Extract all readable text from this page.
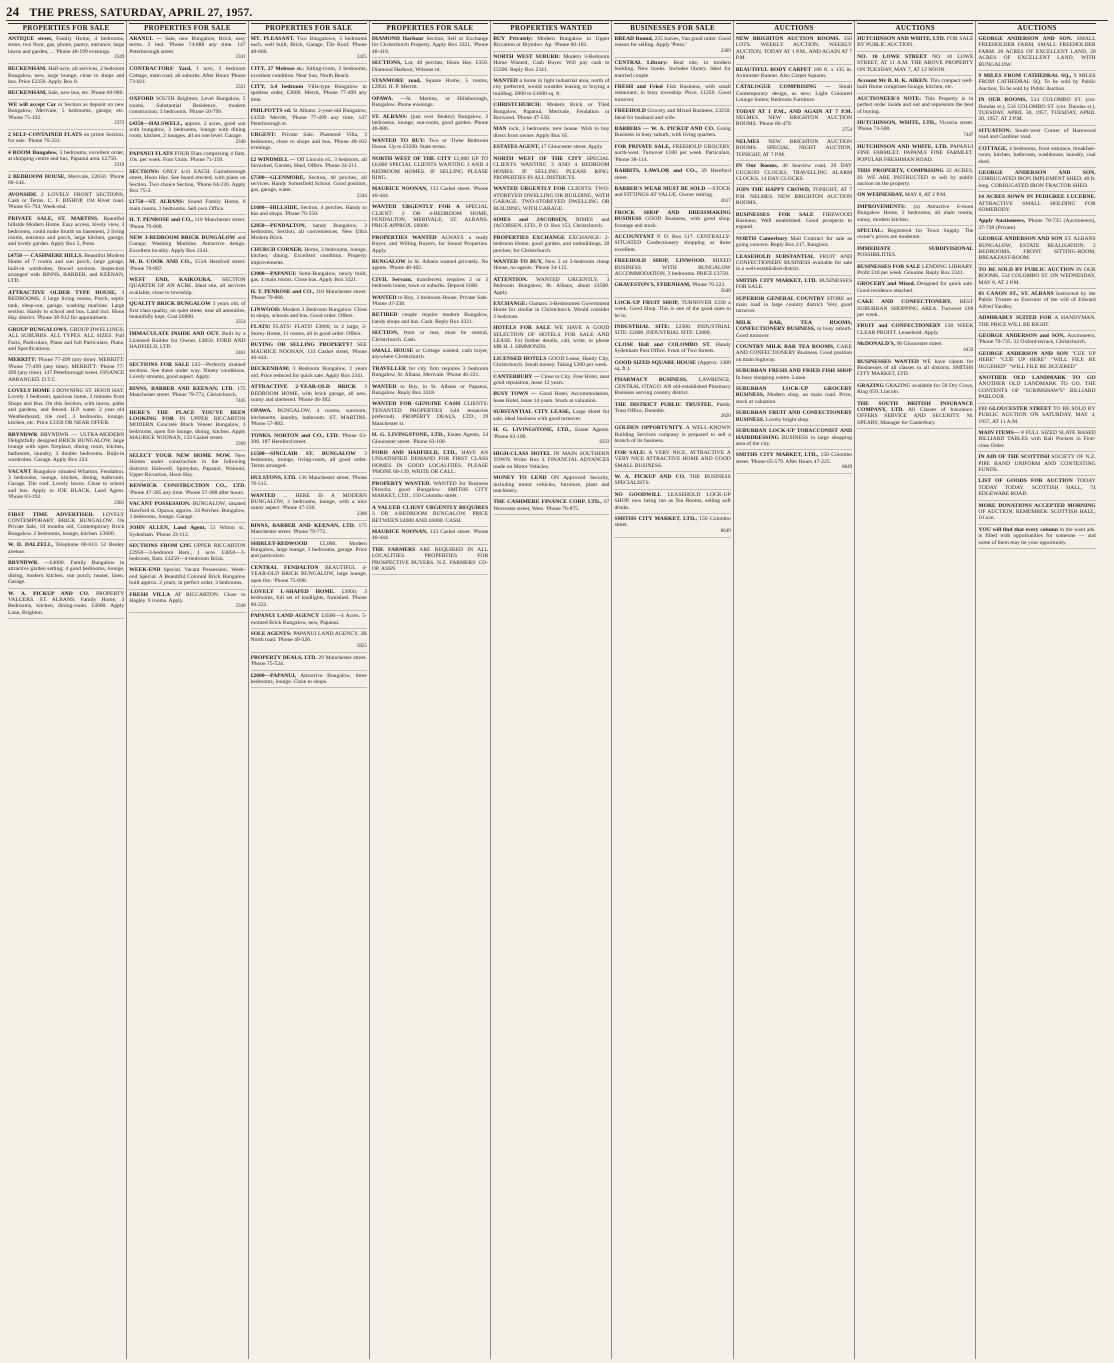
24 THE PRESS, SATURDAY, APRIL 27, 1957.
PROPERTIES FOR SALE
ANTIQUE street, Family Home, 4 bedrooms, stone, two floor, gas, phone, pantry, entrance; large lawns and garden, ... 'Phone 48-199 evenings.
2349
BECKENHAM. Half-acre, all services, 2 bedroom Bungalow, new, large lounge, close to shops and bus. Price £2350. Apply Box 8.
BECKENHAM, Sale, new bus, etc. Phone 60-986.
WE will accept Car or Section as deposit on new Bungalow, Merivale, 5 bedrooms, garage, etc. 'Phone 75-192.
2372
2 SELF-CONTAINED FLATS on prime Section, for sale. 'Phone 76-231.
4 ROOM Bungalow, 3 bedrooms, excellent order, at shopping centre and bus, Papanui area. £2750.
2319
2 BEDROOM HOUSE, Merivale, £2650. 'Phone 60-144.
AVONSIDE 2 LOVELY FRONT SECTIONS, Cash or Terms. C. F. BISHOP, 194 River road. 'Phone 65-794, Week-end.
PRIVATE SALE, ST. MARTINS. Beautiful hillside Modern Home. Easy access, lovely view, 3 bedrooms, could make fourth on basement, 2 living rooms, entrance and porch, large kitchen, garage, and lovely garden. Apply Box 5, Press.
£4750 — CASHMERE HILLS. Beautiful Modern Home of 7 rooms and sun porch, large garage, built-in wardrobes, fenced sections. Inspection arranged with BINNS, BARBER, and KEENAN, LTD.
ATTRACTIVE OLDER TYPE HOUSE, 3 BEDROOMS, 2 large living rooms, Porch, septic tank, sleep-out, garage, washing machine. Large section. Handy to school and bus. Land incl. Hoon Hay district. 'Phone 38-912 for appointment.
GROUP BUNGALOWS. GROUP DWELLINGS. ALL SUBURBS. ALL TYPES. ALL SIZES. Full Facts, Particulars, Plans and full Particulars, Plans, and Specifications.
MERRITT: 'Phone 77-499 (any time). MERRITT: 'Phone 77-499 (any time). MERRITT: 'Phone 77-499 (any time). 147 Peterborough street. FINANCE ARRANGED. D.T.C.
LOVELY HOME 3 DOWNING ST. HOON HAY. Lovely 3 bedroom, spacious home, 2 minutes from Shops and Bus. On this Section, with lawns, paths and gardens, and fenced. H.P. water. 2 year old Weatherboard, tile roof, 3 bedrooms, lounge, kitchen, etc. Price £3350 OR NEAR OFFER.
BRYNDWR BRYNDWR — ULTRA-MODERN Delightfully designed BRICK BUNGALOW, large lounge with open fireplace, dining room, kitchen, bathroom, laundry, 3 double bedrooms. Built-in wardrobes. Garage. Apply Box 224.
VACANT Bungalow situated Wharton, Fendalton. 3 bedrooms, lounge, kitchen, dining, bathroom. Garage. Tile roof. Lovely lawns. Close to school and bus. Apply to JOE BLACK, Land Agent. 'Phone 63-192.
2381
FIRST TIME ADVERTISED. LOVELY CONTEMPORARY BRICK BUNGALOW. On Private Sale, 18 months old, Contemporary Brick Bungalow. 2 bedrooms, lounge, kitchen. £3600.
W. D. DALZELL, Telephone 60-613. 52 Bealey avenue.
BRYNDWR. —£4000. Family Bungalow in attractive garden setting; 4 good bedrooms, lounge, dining, modern kitchen, sun porch, heater, linen. Garage.
W. A. PICKUP AND CO. PROPERTY VALUERS. ST. ALBANS: Family Home, 3 Bedrooms, kitchen, dining-room. £4000. Apply Lane, Brighton.
PROPERTIES FOR SALE
ARANUI. — Sale, new Bungalow, Brick, easy terms. 2 bed. 'Phone 74-888 any time. 147 Peterborough street.
2341
CONTRACTORS' Yard, 1 acre, 3 bedroom Cottage, main road, all suburbs. After Hours 'Phone 73-021.
2321
OXFORD SOUTH Brighton: Level Bungalow, 5 rooms, Substantial Residence, modern construction, 3 bedrooms. 'Phone 50-799.
£4350—HALSWELL, approx. 2 acres, good sun with bungalow, 3 bedrooms, lounge with dining room, kitchen, 2 lounges, all on one level. Garage.
2340
PAPANUI FLATS FOUR Flats comprising 4 flats, 10s. per week. Four Units. 'Phone 71-258.
SECTIONS: ONLY 4/41 EACH. Gainsborough street, Hoon Hay. See board erected, with plans on Section. Two choice Section, 'Phone 64-226. Apply Box 75-2.
£1750—ST. ALBANS: Sound Family Home, 6 main rooms, 3 bedrooms. Sell own Office.
H. T. PENROSE and CO., 110 Manchester street. 'Phone 79-068.
NEW 3-BEDROOM BRICK BUNGALOW and Garage. Washing Machine. Attractive design. Excellent locality. Apply Box 2341.
M. B. COOK AND CO., 153A Hereford street. 'Phone 78-887.
WEST END, KAIKOURA. SECTION QUARTER OF AN ACRE. Ideal site, all services available, close to township.
QUALITY BRICK BUNGALOW 3 years old, of first class quality, on quiet street, near all amenities, beautifully kept. Cost £6000.
2354
IMMACULATE INSIDE AND OUT. Built by a Licensed Builder for Owner. £4850. FORD AND HADFIELD, LTD.
2461
SECTIONS FOR SALE £45—Perfectly drained sections. See these under way. Ninety conditions. Lovely streams, good aspect. Apply.
BINNS, BARBER AND KEENAN, LTD. 175 Manchester street. 'Phone 79-772, Christchurch.
7445
HERE'S THE PLACE YOU'VE BEEN LOOKING FOR IN UPPER RICCARTON MODERN Concrete Block Veneer Bungalow, 3 bedrooms, open fire lounge, dining, kitchen. Apply MAURICE NOONAN, 133 Cashel street.
2369
SELECT YOUR NEW HOME NOW. New Homes under construction in the following districts: Halswell, Spreydon, Papanui, Wainoni, Upper Riccarton, Hoon Hay.
RENWICK CONSTRUCTION CO., LTD. 'Phone 47-385 any time. 'Phone 57-308 after hours.
VACANT POSSESSION. BUNGALOW, situated Hawford st. Opawa, approx. 24 Perches. Bungalow, 3 bedrooms, lounge. Garage.
JOHN ALLEN, Land Agent, 51 Witton st., Sydenham. 'Phone 33-112.
SECTIONS FROM £395 UPPER RICCARTON £2950—3-bedroom Rem., 1 acre. £3850—3-bedroom, Ilam. £4250—4-bedroom Brick.
WEEK-END Special. Vacant Possession. Week-end Special. A Beautiful Colonial Brick Bungalow built approx. 2 years, in perfect order, 3 bedrooms.
FRESH VILLA AT RICCARTON. Close to Hagley. 8 rooms. Apply.
2340
PROPERTIES FOR SALE
MT. PLEASANT. Two Bungalows, 3 bedrooms each, well built, Brick, Garage, Tile Roof. 'Phone 48-666.
2425
CITY, 27 Melrose st.: Sitting-room, 2 bedrooms, excellent condition. Near Sun, North Beach.
CITY, 3.4 bedroom Villa-type Bungalow in spotless order, £3600. Merrit, 'Phone 77-499 any time.
PHILPOTTS rd. St Albans: 2-year-old Bungalow, £4350. Merritt, 'Phone 77-499 any time, 147 Peterborough st.
URGENT: Private Sale. Plastered Villa, 3 bedrooms, close to shops and bus. 'Phone 48-102 evenings.
£2 WINDMILL — Off Lincoln rd., 3 bedroom, all furnished, Garden, Shed, Offers. 'Phone 34-211.
£7500—GLENMORE, Section, 40 perches, all services. Handy Somerfield School. Good position, gas, garage, water.
2344
£1600—HILLSIDE, Section, 4 perches. Handy to bus and shops. 'Phone 76-550.
£2850—PENDALTON, handy Bungalow, 3 bedrooms, Section, all conveniences. New Ultra Modern Brick.
CHURCH CORNER. Home, 3 bedrooms, lounge, kitchen, dining. Excellent condition. Property improvements.
£3000—PAPANUI: Semi-Bungalow, newly built, gas, 4 main rooms. Close bus. Apply Box 3321.
H. T. PENROSE and CO., 110 Manchester street. 'Phone 79-068.
LINWOOD: Modern 3 Bedroom Bungalow. Close to shops, schools and bus. Good order. Offers.
FLATS! FLATS! FLATS! £3800, in 2 large, 2-Storey Home, 11 rooms, all in good order. Offers.
BUYING OR SELLING PROPERTY? SEE MAURICE NOONAN, 133 Cashel street, 'Phone 40-444.
BECKENHAM: 3 Bedroom Bungalow, 2 years old. Price reduced for quick sale. Apply Box 2341.
ATTRACTIVE 2-YEAR-OLD BRICK 3 BEDROOM HOME, with brick garage, all new, sunny and sheltered. 'Phone 46-392.
OPAWA. BUNGALOW, 4 rooms, sunroom, kitchenette, laundry, bathroom. ST. MARTINS. 'Phone 57-882.
TONKS, NORTON and CO., LTD. 'Phone 63-300. 187 Hereford street.
£1500—SINCLAIR ST. BUNGALOW 3 bedrooms, lounge, living-room, all good order. Terms arranged.
HULSTONS, LTD. 136 Manchester street. 'Phone 76-515.
WANTED ... HERE IS A MODERN BUNGALOW, 3 bedrooms, lounge, with a nice sunny aspect. 'Phone 47-230.
2368
BINNS, BARBER AND KEENAN, LTD. 175 Manchester street. 'Phone 79-772.
SHIRLEY-REDWOOD £5,000. Modern Bungalow, large lounge, 3 bedrooms, garage. Price and particulars.
CENTRAL FENDALTON BEAUTIFUL 4-YEAR-OLD BRICK BUNGALOW, large lounge, open fire. 'Phone 75-098.
LOVELY L-SHAPED HOME. £3000, 3 bedrooms, full set of leadlights, furnished. 'Phone 60-222.
PAPANUI LAND AGENCY £4500—4 Acres. 5-roomed Brick Bungalow, new, Papanui.
SOLE AGENTS: PAPANUI LAND AGENCY, 2B North road. 'Phone 48-326.
5825
PROPERTY DEALS, LTD. 29 Manchester street. 'Phone 75-524.
£2600—PAPANUI, Attractive Bungalow, three bedrooms, lounge. Close to shops.
PROPERTIES FOR SALE
DIAMOND Harbour Section, Sell or Exchange for Christchurch Property. Apply Box 3321, 'Phone 48-418.
SECTIONS, Lot, 40 perches, Hoon Hay. £350. Diamond Harbour, Wilsons rd.
STANMORE road, Square Home, 5 rooms, £2950. H. P. Merritt.
OPAWA. —St. Martins, or Hillsborough, Bungalow. Phone evenings.
ST. ALBANS: (just over Bealey) Bungalow, 3 bedrooms, lounge, sun-room, good garden. Phone 46-886.
WANTED TO BUY: Two or Three Bedroom House. Up to £3500. State terms.
NORTH WEST OF THE CITY £1,000 UP TO £6,000 SPECIAL CLIENTS WANTING 3 AND 4 BEDROOM HOMES. IF SELLING PLEASE RING.
MAURICE NOONAN, 133 Cashel street. 'Phone 40-444.
WANTED URGENTLY FOR A SPECIAL CLIENT: 3 OR 4-BEDROOM HOME, FENDALTON, MERIVALE, ST. ALBANS. PRICE APPROX. £6000.
PROPERTIES WANTED ALWAYS a ready Buyer, and Willing Buyers, for Sound Properties. Apply.
BUNGALOW in St. Albans wanted privately. No agents. 'Phone 48-402.
CIVIL Servant, transferred, requires 2 or 3 bedroom home, town or suburbs. Deposit £600.
WANTED to Buy, 3 bedroom House, Private Sale. 'Phone 47-230.
RETIRED couple require modern Bungalow, handy shops and bus. Cash. Reply Box 4321.
SECTION, front or rear, must be central, Christchurch. Cash.
SMALL HOUSE or Cottage wanted, cash buyer, anywhere Christchurch.
TRAVELLER for city firm requires 3 bedroom Bungalow, St. Albans, Merivale. 'Phone 46-221.
WANTED to Buy, in St. Albans or Papanui, Bungalow. Reply Box 3318.
WANTED FOR GENUINE CASH CLIENTS: TENANTED PROPERTIES (old tenancies preferred). PROPERTY DEALS, LTD., 29 Manchester st.
H. G. LIVINGSTONE, LTD., Estate Agents, 54 Gloucester street. 'Phone 63-100.
FORD AND HADFIELD, LTD., HAVE AN UNSATISFIED DEMAND FOR FIRST CLASS HOMES IN GOOD LOCALITIES. PLEASE 'PHONE 60-139, WRITE OR CALL.
PROPERTY WANTED. WANTED for Business Director, good Bungalow. SMITHS CITY MARKET, LTD., 150 Colombo street.
A VALUED CLIENT URGENTLY REQUIRES 3 OR 4-BEDROOM BUNGALOW. PRICE BETWEEN £4000 AND £6000. CASH.
MAURICE NOONAN, 133 Cashel street. 'Phone 40-444.
THE FARMERS ARE REQUIRED IN ALL LOCALITIES PROPERTIES FOR PROSPECTIVE BUYERS. N.Z. FARMERS' CO-OP. ASSN.
PROPERTIES WANTED
BUY Privately: Modern Bungalow in Upper Riccarton or Bryndwr. Ap. 'Phone 60-182.
NORTH WEST SUBURB: Modern 3-Bedroom Home Wanted, Cash Buyer. Will pay cash to £5500. Reply Box 2341.
WANTED a home in light industrial area, north of city preferred, would consider leasing or buying a building. £800 to £1600 sq. ft.
CHRISTCHURCH: Modern Brick or Tiled Bungalow, Papanui, Merivale, Fendalton or Burwood. 'Phone 47-550.
MAN lock, 3 bedrooms, new house. Wish to buy direct from owner. Apply Box 65.
ESTATES AGENT, 17 Gloucester street. Apply.
NORTH WEST OF THE CITY SPECIAL CLIENTS WANTING 3 AND 4 BEDROOM HOMES. IF SELLING PLEASE RING. PROPERTIES IN ALL DISTRICTS.
WANTED URGENTLY FOR CLIENTS: TWO-STOREYED DWELLING OR BUILDING, WITH GARAGE. TWO-STOREYED DWELLING OR BUILDING, WITH GARAGE.
SIMES and JACOBSEN, RIMES and JACOBSEN, LTD., P. O. Box 153, Christchurch.
PROPERTIES EXCHANGE EXCHANGE: 2-bedroom Home, good garden, and outbuildings, 20 perches; for Christchurch.
WANTED TO BUY, New 2 or 3-bedroom cheap House, no agents. 'Phone 34-115.
ATTENTION. WANTED URGENTLY, 3 Bedroom Bungalow, 8t. Albans, about £4500. Apply.
EXCHANGE: Oamaru 3-Bedroomed Government Home for similar in Christchurch. Would consider 2 bedroom.
HOTELS FOR SALE WE HAVE A GOOD SELECTION OF HOTELS FOR SALE AND LEASE. For further details, call, write, or phone MR H. J. SIMMONDS.
LICENSED HOTELS GOOD Lease, Handy City, Christchurch. Small money. Taking £300 per week.
CANTERBURY — Close to City. Free Hotel, near good reputation, lease 12 years.
BUSY TOWN — Good Hotel, Accommodation, lease Hotel, lease 14 years. Stock at valuation.
SUBSTANTIAL CITY LEASE, Large Hotel for sale, ideal business with good turnover.
H. G. LIVINGSTONE, LTD., Estate Agents. 'Phone 63-100.
6333
HIGH-CLASS HOTEL IN MAIN SOUTHERN TOWN. Write: Box 3. FINANCIAL ADVANCES made on Motor Vehicles.
MONEY TO LEND ON Approved Security, including motor vehicles, furniture, plant and machinery.
THE CASHMERE FINANCE CORP. LTD., 67 Worcester street, West. 'Phone 76-875.
BUSINESSES FOR SALE
BREAD Round, 235 loaves, Van good order. Good reason for selling. Apply 'Press.'
2369
CENTRAL Library: Real site, in modern building. New books. Includes library. Ideal for married couple.
FRESH and Fried Fish Business, with small restaurant, in busy township. Price, £1250. Good turnover.
FREEHOLD Grocery and Mixed Business, £3250. Ideal for husband and wife.
BARBERS — W. A. PICKUP AND CO. Going Business in busy suburb, with living quarters.
FOR PRIVATE SALE, FREEHOLD GROCERY, north-west. Turnover £100 per week. Particulars, 'Phone 38-114.
RABBITS, LAWLOR and CO., 39 Hereford street.
BARBER'S WEAR MUST BE SOLD —STOCK and FITTINGS AT VALUE. Owner retiring.
2617
FROCK SHOP AND DRESSMAKING BUSINESS GOOD Business, with good shop, frontage and stock.
ACCOUNTANT P. O. Box 517. CENTRALLY-SITUATED Confectionery shopping at three excellent.
FREEHOLD SHOP, LINWOOD. MIXED BUSINESS WITH BUNGALOW ACCOMMODATION, 3 bedrooms. PRICE £3750.
GRAVESTON'S, SYDENHAM, 'Phone 76-222.
5640
LOCK-UP FRUIT SHOP, TURNOVER £230 a week. Good Shop. This is one of the good ones to be in.
INDUSTRIAL SITE: £2500. INDUSTRIAL SITE: £2600. INDUSTRIAL SITE: £2800.
CLOSE Hall and COLOMBO ST. Handy Sydenham Post Office. Front of Two Streets.
GOOD SIZED SQUARE HOUSE (Approx. 1300 sq. ft.).
PHARMACY BUSINESS, LAWRENCE, CENTRAL OTAGO. AN old-established Pharmacy Business serving country district.
THE DISTRICT PUBLIC TRUSTEE, Public Trust Office, Dunedin.
2620
GOLDEN OPPORTUNITY. A WELL-KNOWN Building Services company is prepared to sell a branch of its business.
FOR SALE: A VERY NICE, ATTRACTIVE A VERY NICE ATTRACTIVE HOME AND GOOD SMALL BUSINESS.
W. A. PICKUP AND CO. THE BUSINESS SPECIALISTS.
NO GOODWILL LEASEHOLD LOCK-UP SHOP, now being run as Tea Rooms, selling soft drinks.
SMITHS CITY MARKET, LTD., 150 Colombo street.
8649
AUCTIONS
NEW BRIGHTON AUCTION ROOMS. 350 LOTS. WEEKLY AUCTION, WEEKLY AUCTION, TODAY AT 1 P.M., AND AGAIN AT 7 P.M.
BEAUTIFUL BODY CARPET 180 ft. x 135 in. Axminster Runner. Also Carpet Squares.
CATALOGUE COMPRISING — Small Contemporary design, as new; Light Coloured Lounge Suites; Bedroom Furniture.
TODAY AT 1 P.M., AND AGAIN AT 7 P.M. NELMES. NEW BRIGHTON AUCTION ROOMS. 'Phone 66-479.
2754
NELMES NEW BRIGHTON AUCTION ROOMS. SPECIAL NIGHT AUCTION, TONIGHT, AT 7 P.M.
IN Our Rooms, 46 Seaview road, 28 DAY CUCKOO CLOCKS, TRAVELLING ALARM CLOCKS, 14 DAY CLOCKS.
JOIN THE HAPPY CROWD, TONIGHT, AT 7 P.M. NELMES. NEW BRIGHTON AUCTION ROOMS.
BUSINESSES FOR SALE FIREWOOD Business, Well established. Good prospects to expand.
NORTH Canterbury Mail Contract for sale as going concern. Reply Box 217, Rangiora.
LEASEHOLD SUBSTANTIAL FRUIT AND CONFECTIONERY BUSINESS available for sale in a well-established district.
SMITHS CITY MARKET, LTD. BUSINESSES FOR SALE.
SUPERIOR GENERAL COUNTRY STORE on main road in large country district. Very good turnover.
MILK BAR, TEA ROOMS, CONFECTIONERY BUSINESS, in busy suburb. Good turnover.
COUNTRY MILK BAR TEA ROOMS, CAKE AND CONFECTIONERY Business. Good position on main highway.
SUBURBAN FRESH AND FRIED FISH SHOP In busy shopping centre. Lease.
SUBURBAN LOCK-UP GROCERY BUSINESS, Modern shop, on main road. Price, stock at valuation.
SUBURBAN FRUIT AND CONFECTIONERY BUSINESS. Lovely bright shop.
SUBURBAN LOCK-UP TOBACCONIST AND HAIRDRESSING BUSINESS in large shopping area of the city.
SMITHS CITY MARKET, LTD., 150 Colombo street. 'Phone 65-579. After Hours 47-225.
8649
AUCTIONS
HUTCHINSON AND WHITE, LTD. FOR SALE BY PUBLIC AUCTION.
NO. 10 LOWE STREET NO. 10 LOWE STREET, AT 11 A.M. THE ABOVE PROPERTY ON TUESDAY, MAY 7, AT 12 NOON.
Account Mr B. R. K. AIKEN. This compact well-built Home comprises lounge, kitchen, etc.
AUCTIONEER'S NOTE: This Property is in perfect order inside and out and represents the best of buying.
HUTCHINSON, WHITE, LTD., Victoria street. 'Phone 74-500.
7447
HUTCHINSON AND WHITE, LTD. PAPANUI FINE FARMLET. PAPANUI FINE FARMLET. POPULAR FRESHMAN ROAD.
THIS PROPERTY, COMPRISING 22 ACRES, IS: WE ARE INSTRUCTED to sell by public auction on the property.
ON WEDNESDAY, MAY 8, AT 2 P.M.
IMPROVEMENTS: (a) Attractive 6-room Bungalow Home, 3 bedrooms, all main rooms, sunny, modern kitchen.
SPECIAL: Registered for Town Supply. The owner's prices are moderate.
IMMEDIATE SUBDIVISIONAL POSSIBILITIES.
BUSINESSES FOR SALE LENDING LIBRARY. Profit £10 per week. Genuine. Reply Box 2341.
GROCERY and Mixed. Designed for quick sale. Good residence attached.
CAKE AND CONFECTIONERY, BEST SUBURBAN SHOPPING AREA. Turnover £60 per week.
FRUIT and CONFECTIONERY £30 WEEK CLEAR PROFIT. Leasehold. Apply.
McDONALD'S, 96 Gloucester street.
6432
BUSINESSES WANTED WE have clients for Businesses of all classes in all districts. SMITHS CITY MARKET, LTD.
GRAZING GRAZING available for 50 Dry Cows, Ring 659, Lincoln.
THE SOUTH BRITISH INSURANCE COMPANY, LTD. All Classes of Insurance. OFFERS SERVICE AND SECURITY. M. SPEARY, Manager for Canterbury.
AUCTIONS
GEORGE ANDERSON AND SON. SMALL FREEHOLDER FARM, SMALL FREEHOLDER FARM. 20 ACRES OF EXCELLENT LAND, 20 ACRES OF EXCELLENT LAND, WITH BUNGALOW.
9 MILES FROM CATHEDRAL SQ., 9 MILES FROM CATHEDRAL SQ. To be sold by Public Auction, To be sold by Public Auction.
IN OUR ROOMS, 534 COLOMBO ST. (cnr. Dundas st.), 534 COLOMBO ST. (cnr. Dundas st.), TUESDAY, APRIL 30, 1957, TUESDAY, APRIL 30, 1957, AT 2 P.M.
SITUATION: South-west Corner of Harewood road and Gardiner road.
COTTAGE, 4 bedrooms, front entrance, breakfast-room, kitchen, bathroom, washhouse, laundry, coal shed.
GEORGE ANDERSON AND SON. CORRUGATED IRON IMPLEMENT SHED, 40 ft. long. CORRUGATED IRON TRACTOR SHED.
14 ACRES SOWN IN PEDIGREE LUCERNE. ATTRACTIVE SMALL HOLDING FOR SOMEBODY.
Apply Auctioneers, 'Phone 70-735 (Auctioneers), 37-738 (Private).
GEORGE ANDERSON AND SON ST. ALBANS BUNGALOW, ESTATE REALISATION. 2 BEDROOMS, FRONT SITTING-ROOM, BREAKFAST-ROOM.
TO BE SOLD BY PUBLIC AUCTION IN OUR ROOMS, 534 COLOMBO ST. ON WEDNESDAY, MAY 8, AT 2 P.M.
83 CANON ST., ST. ALBANS Instructed by the Public Trustee as Executor of the will of Edward Alfred Yardley.
ADMIRABLY SUITED FOR A HANDYMAN. THE PRICE WILL BE RIGHT.
GEORGE ANDERSON and SON, Auctioneers, 'Phone 70-735. 32 Oxford terrace, Christchurch.
GEORGE ANDERSON AND SON "CUE UP HERE" "CUE UP HERE" "WILL FILE BE JIGGERED" "WILL FILE BE JIGGERED"
ANOTHER OLD LANDMARK TO GO ANOTHER OLD LANDMARK TO GO. THE CONTENTS OF "SCRIMSHAW'S" BILLIARD PARLOUR.
133 GLOUCESTER STREET TO BE SOLD BY PUBLIC AUCTION ON SATURDAY, MAY 4, 1957, AT 11 A.M.
MAIN ITEMS— 8 FULL SIZED SLATE BASED BILLIARD TABLES with Ball Pockets in First-class Order.
IN AID OF THE SCOTTISH SOCIETY OF N.Z. PIPE BAND UNIFORM AND CONTESTING FUNDS.
LIST OF GOODS FOR AUCTION TODAY TODAY TODAY. SCOTTISH HALL, 74 EDGEWARE ROAD.
MORE DONATIONS ACCEPTED MORNING OF AUCTION. REMEMBER: SCOTTISH HALL, 10 a.m.
YOU will find that every column in the want ads. is filled with opportunities for someone — and some of them may be your opportunity.
